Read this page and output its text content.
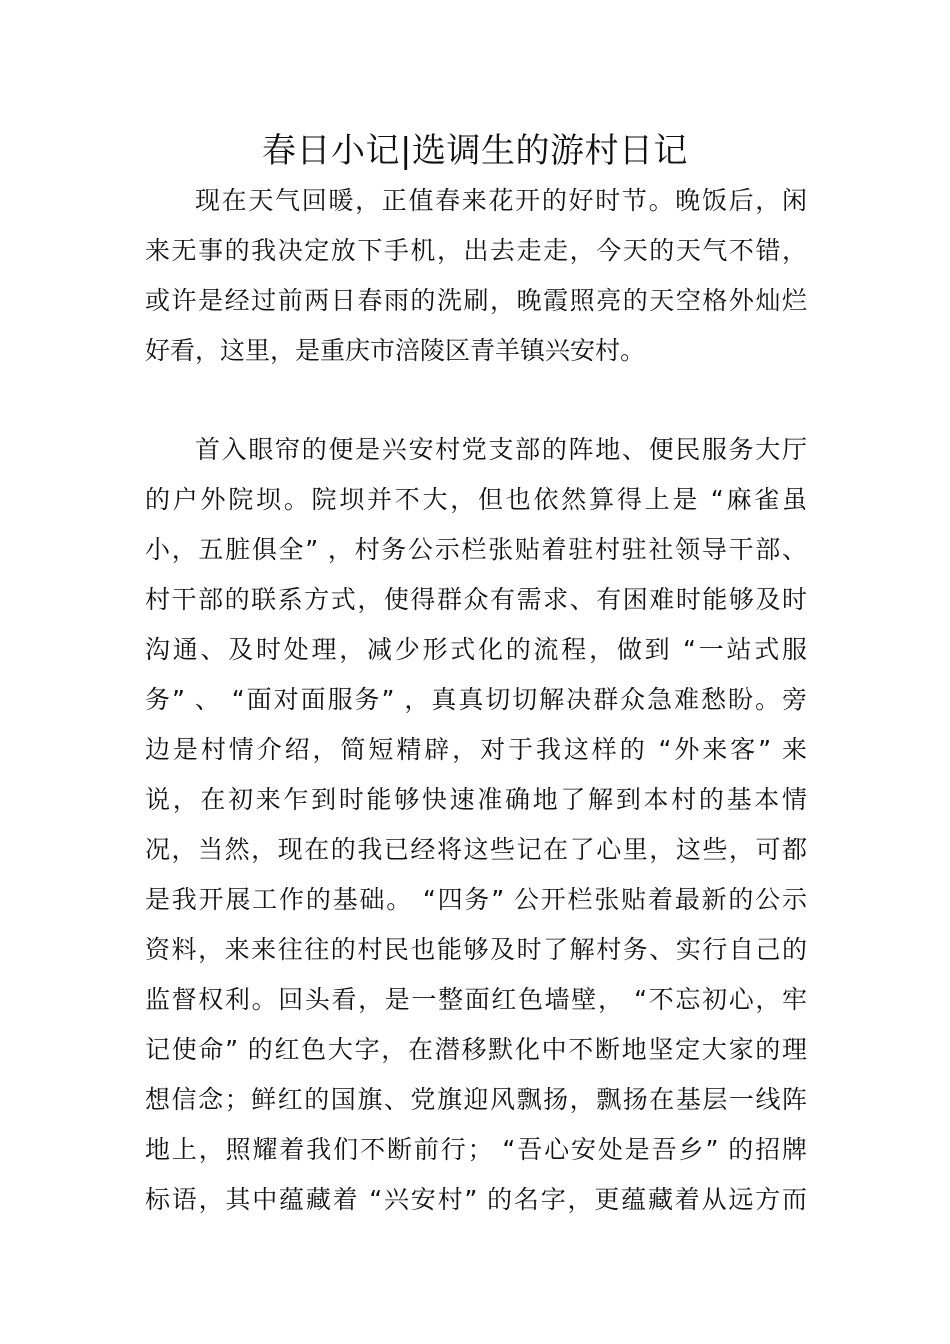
春日小记|选调生的游村日记
现在天气回暖，正值春来花开的好时节。晚饭后，闲
来无事的我决定放下手机，出去走走，今天的天气不错，
或许是经过前两日春雨的洗刷，晚霞照亮的天空格外灿烂
好看，这里，是重庆市涪陵区青羊镇兴安村。
首入眼帘的便是兴安村党支部的阵地、便民服务大厅
的户外院坝。院坝并不大，但也依然算得上是 “麻雀虽
小，五脏俱全” ，村务公示栏张贴着驻村驻社领导干部、
村干部的联系方式，使得群众有需求、有困难时能够及时
沟通、及时处理，减少形式化的流程，做到 “一站式服
务” 、 “面对面服务” ，真真切切解决群众急难愁盼。旁
边是村情介绍，简短精辟，对于我这样的 “外来客” 来
说，在初来乍到时能够快速准确地了解到本村的基本情
况，当然，现在的我已经将这些记在了心里，这些，可都
是我开展工作的基础。 “四务” 公开栏张贴着最新的公示
资料，来来往往的村民也能够及时了解村务、实行自己的
监督权利。回头看，是一整面红色墙壁， “不忘初心，牢
记使命” 的红色大字，在潜移默化中不断地坚定大家的理
想信念；鲜红的国旗、党旗迎风飘扬，飘扬在基层一线阵
地上，照耀着我们不断前行； “吾心安处是吾乡” 的招牌
标语，其中蕴藏着 “兴安村” 的名字，更蕴藏着从远方而
